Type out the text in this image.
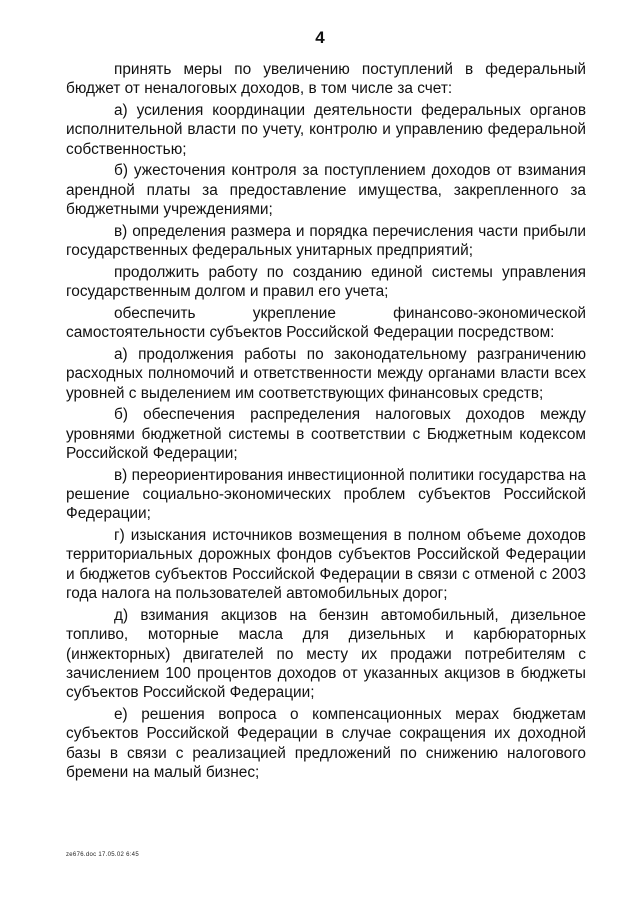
4

принять меры по увеличению поступлений в федеральный бюджет от неналоговых доходов, в том числе за счет:

а) усиления координации деятельности федеральных органов исполнительной власти по учету, контролю и управлению федеральной собственностью;

б) ужесточения контроля за поступлением доходов от взимания арендной платы за предоставление имущества, закрепленного за бюджетными учреждениями;

в) определения размера и порядка перечисления части прибыли государственных федеральных унитарных предприятий;

продолжить работу по созданию единой системы управления государственным долгом и правил его учета;

обеспечить укрепление финансово-экономической самостоятельности субъектов Российской Федерации посредством:

а) продолжения работы по законодательному разграничению расходных полномочий и ответственности между органами власти всех уровней с выделением им соответствующих финансовых средств;

б) обеспечения распределения налоговых доходов между уровнями бюджетной системы в соответствии с Бюджетным кодексом Российской Федерации;

в) переориентирования инвестиционной политики государства на решение социально-экономических проблем субъектов Российской Федерации;

г) изыскания источников возмещения в полном объеме доходов территориальных дорожных фондов субъектов Российской Федерации и бюджетов субъектов Российской Федерации в связи с отменой с 2003 года налога на пользователей автомобильных дорог;

д) взимания акцизов на бензин автомобильный, дизельное топливо, моторные масла для дизельных и карбюраторных (инжекторных) двигателей по месту их продажи потребителям с зачислением 100 процентов доходов от указанных акцизов в бюджеты субъектов Российской Федерации;

е) решения вопроса о компенсационных мерах бюджетам субъектов Российской Федерации в случае сокращения их доходной базы в связи с реализацией предложений по снижению налогового бремени на малый бизнес;

ze676.doc 17.05.02 6:45
